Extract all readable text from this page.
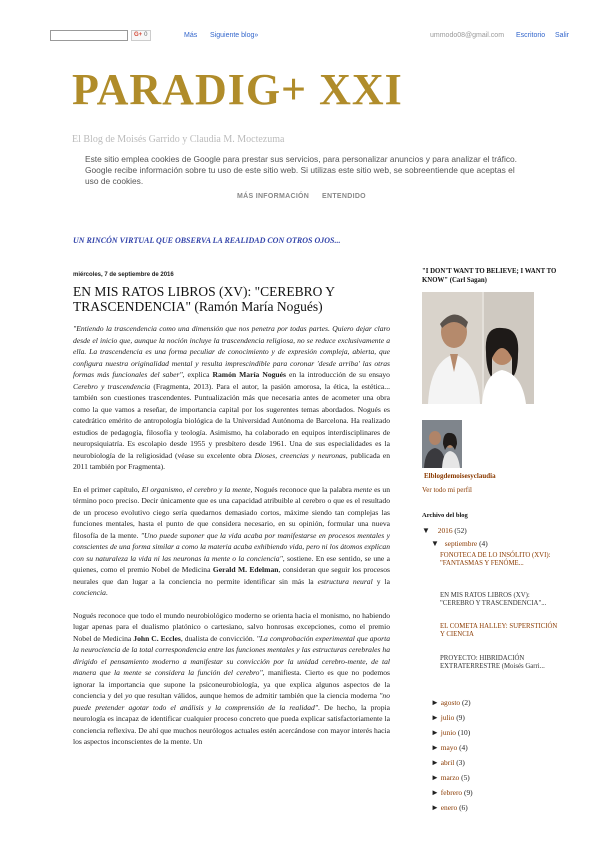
G+ 0	Más Siguiente blog»	ummodo08@gmail.com Escritorio Salir
PARADIG+ XXI
El Blog de Moisés Garrido y Claudia M. Moctezuma
Este sitio emplea cookies de Google para prestar sus servicios, para personalizar anuncios y para analizar el tráfico. Google recibe información sobre tu uso de este sitio web. Si utilizas este sitio web, se sobreentiende que aceptas el uso de cookies.
MÁS INFORMACIÓN ENTENDIDO
UN RINCÓN VIRTUAL QUE OBSERVA LA REALIDAD CON OTROS OJOS...
miércoles, 7 de septiembre de 2016
EN MIS RATOS LIBROS (XV): "CEREBRO Y TRASCENDENCIA" (Ramón María Nogués)

"Entiendo la trascendencia como una dimensión que nos penetra por todas partes. Quiero dejar claro desde el inicio que, aunque la noción incluye la trascendencia religiosa, no se reduce exclusivamente a ella. La trascendencia es una forma peculiar de conocimiento y de expresión compleja, abierta, que configura nuestra originalidad mental y resulta imprescindible para coronar 'desde arriba' las otras formas más funcionales del saber", explica Ramón María Nogués en la introducción de su ensayo Cerebro y trascendencia (Fragmenta, 2013). Para el autor, la pasión amorosa, la ética, la estética... también son cuestiones trascendentes. Puntualización más que necesaria antes de acometer una obra como la que vamos a reseñar, de importancia capital por los sugerentes temas abordados. Nogués es catedrático emérito de antropología biológica de la Universidad Autónoma de Barcelona. Ha realizado estudios de pedagogía, filosofía y teología. Asimismo, ha colaborado en equipos interdisciplinares de neuropsiquiatría. Es escolapio desde 1955 y presbítero desde 1961. Una de sus especialidades es la neurobiología de la religiosidad (véase su excelente obra Dioses, creencias y neuronas, publicada en 2011 también por Fragmenta).

En el primer capítulo, El organismo, el cerebro y la mente, Nogués reconoce que la palabra mente es un término poco preciso. Decir únicamente que es una capacidad atribuible al cerebro o que es el resultado de un proceso evolutivo ciego sería quedarnos demasiado cortos, máxime siendo tan complejas las funciones mentales, hasta el punto de que considera necesario, en su opinión, formular una nueva filosofía de la mente. "Uno puede suponer que la vida acaba por manifestarse en procesos mentales y conscientes de una forma similar a como la materia acaba exhibiendo vida, pero ni los átomos explican con su naturaleza la vida ni las neuronas la mente o la conciencia", sostiene. En ese sentido, se une a quienes, como el premio Nobel de Medicina Gerald M. Edelman, consideran que seguir los procesos neurales que dan lugar a la conciencia no permite identificar sin más la estructura neural y la conciencia.

Nogués reconoce que todo el mundo neurobiológico moderno se orienta hacia el monismo, no habiendo lugar apenas para el dualismo platónico o cartesiano, salvo honrosas excepciones, como el premio Nobel de Medicina John C. Eccles, dualista de convicción. "La comprobación experimental que aporta la neurociencia de la total correspondencia entre las funciones mentales y las estructuras cerebrales ha dirigido el pensamiento moderno a manifestar su convicción por la unidad cerebro-mente, de tal manera que la mente se considera la función del cerebro", manifiesta. Cierto es que no podemos ignorar la importancia que supone la psiconeurobiología, ya que explica algunos aspectos de la conciencia y del yo que resultan válidos, aunque hemos de admitir también que la ciencia moderna "no puede pretender agotar todo el análisis y la comprensión de la realidad". De hecho, la propia neurología es incapaz de identificar cualquier proceso concreto que pueda explicar satisfactoriamente la conciencia reflexiva. De ahí que muchos neurólogos actuales estén acercándose con mayor interés hacia los aspectos inconscientes de la mente. Un

"I DON'T WANT TO BELIEVE; I WANT TO KNOW" (Carl Sagan)
Elblogdemoisesyclaudia
Ver todo mi perfil
Archivo del blog
▼ 2016 (52)
▼ septiembre (4)
FONOTECA DE LO INSÓLITO (XVI): "FANTASMAS Y FENÓME...
EN MIS RATOS LIBROS (XV): "CEREBRO Y TRASCENDENCIA"...
EL COMETA HALLEY: SUPERSTICIÓN Y CIENCIA
PROYECTO: HIBRIDACIÓN EXTRATERRESTRE (Moisés Garri...
► agosto (2)
► julio (9)
► junio (10)
► mayo (4)
► abril (3)
► marzo (5)
► febrero (9)
► enero (6)
